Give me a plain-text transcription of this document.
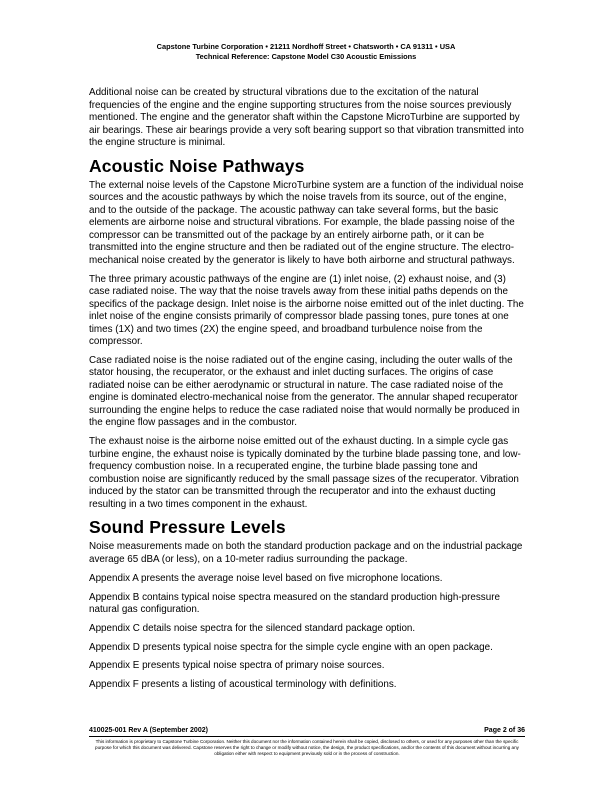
Capstone Turbine Corporation • 21211 Nordhoff Street • Chatsworth • CA 91311 • USA
Technical Reference: Capstone Model C30 Acoustic Emissions

Additional noise can be created by structural vibrations due to the excitation of the natural frequencies of the engine and the engine supporting structures from the noise sources previously mentioned. The engine and the generator shaft within the Capstone MicroTurbine are supported by air bearings. These air bearings provide a very soft bearing support so that vibration transmitted into the engine structure is minimal.

Acoustic Noise Pathways

The external noise levels of the Capstone MicroTurbine system are a function of the individual noise sources and the acoustic pathways by which the noise travels from its source, out of the engine, and to the outside of the package. The acoustic pathway can take several forms, but the basic elements are airborne noise and structural vibrations. For example, the blade passing noise of the compressor can be transmitted out of the package by an entirely airborne path, or it can be transmitted into the engine structure and then be radiated out of the engine structure. The electro-mechanical noise created by the generator is likely to have both airborne and structural pathways.

The three primary acoustic pathways of the engine are (1) inlet noise, (2) exhaust noise, and (3) case radiated noise. The way that the noise travels away from these initial paths depends on the specifics of the package design. Inlet noise is the airborne noise emitted out of the inlet ducting. The inlet noise of the engine consists primarily of compressor blade passing tones, pure tones at one times (1X) and two times (2X) the engine speed, and broadband turbulence noise from the compressor.

Case radiated noise is the noise radiated out of the engine casing, including the outer walls of the stator housing, the recuperator, or the exhaust and inlet ducting surfaces. The origins of case radiated noise can be either aerodynamic or structural in nature. The case radiated noise of the engine is dominated electro-mechanical noise from the generator. The annular shaped recuperator surrounding the engine helps to reduce the case radiated noise that would normally be produced in the engine flow passages and in the combustor.

The exhaust noise is the airborne noise emitted out of the exhaust ducting. In a simple cycle gas turbine engine, the exhaust noise is typically dominated by the turbine blade passing tone, and low-frequency combustion noise. In a recuperated engine, the turbine blade passing tone and combustion noise are significantly reduced by the small passage sizes of the recuperator. Vibration induced by the stator can be transmitted through the recuperator and into the exhaust ducting resulting in a two times component in the exhaust.

Sound Pressure Levels

Noise measurements made on both the standard production package and on the industrial package average 65 dBA (or less), on a 10-meter radius surrounding the package.

Appendix A presents the average noise level based on five microphone locations.

Appendix B contains typical noise spectra measured on the standard production high-pressure natural gas configuration.

Appendix C details noise spectra for the silenced standard package option.

Appendix D presents typical noise spectra for the simple cycle engine with an open package.

Appendix E presents typical noise spectra of primary noise sources.

Appendix F presents a listing of acoustical terminology with definitions.

410025-001 Rev A (September 2002)	Page 2 of 36
This information is proprietary to Capstone Turbine Corporation. Neither this document nor the information contained herein shall be copied, disclosed to others, or used for any purposes other than the specific purpose for which this document was delivered. Capstone reserves the right to change or modify without notice, the design, the product specifications, and/or the contents of this document without incurring any obligation either with respect to equipment previously sold or in the process of construction.
